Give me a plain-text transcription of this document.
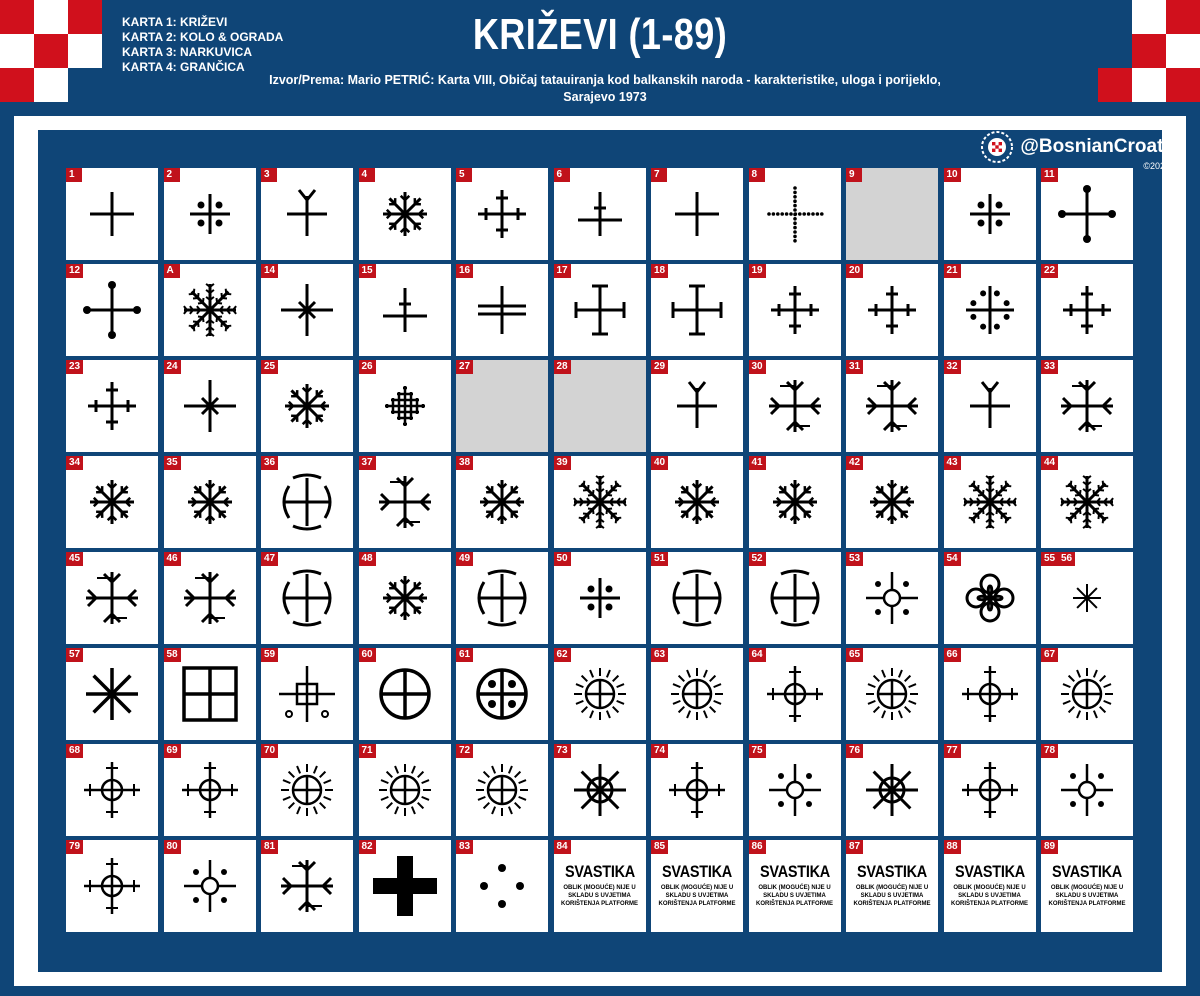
KARTA 1: KRIŽEVI
KARTA 2: KOLO & OGRADA
KARTA 3: NARKUVICA
KARTA 4: GRANČICA
KRIŽEVI (1-89)
Izvor/Prema: Mario PETRIĆ: Karta VIII, Običaj tatauiranja kod balkanskih naroda - karakteristike, uloga i porijeklo,
Sarajevo 1973
@BosnianCroats
©2026
1	2	3	4	5	6	7	8	9	10	11
12	A	14	15	16	17	18	19	20	21	22
23	24	25	26	27	28	29	30	31	32	33
34	35	36	37	38	39	40	41	42	43	44
45	46	47	48	49	50	51	52	53	54	55 56
57	58	59	60	61	62	63	64	65	66	67
68	69	70	71	72	73	74	75	76	77	78
79	80	81	82	83
SVASTIKA
OBLIK (MOGUĆE) NIJE U SKLADU S UVJETIMA KORIŠTENJA PLATFORME
84
SVASTIKA
OBLIK (MOGUĆE) NIJE U SKLADU S UVJETIMA KORIŠTENJA PLATFORME
85
SVASTIKA
OBLIK (MOGUĆE) NIJE U SKLADU S UVJETIMA KORIŠTENJA PLATFORME
86
SVASTIKA
OBLIK (MOGUĆE) NIJE U SKLADU S UVJETIMA KORIŠTENJA PLATFORME
87
SVASTIKA
OBLIK (MOGUĆE) NIJE U SKLADU S UVJETIMA KORIŠTENJA PLATFORME
88
SVASTIKA
OBLIK (MOGUĆE) NIJE U SKLADU S UVJETIMA KORIŠTENJA PLATFORME
89
